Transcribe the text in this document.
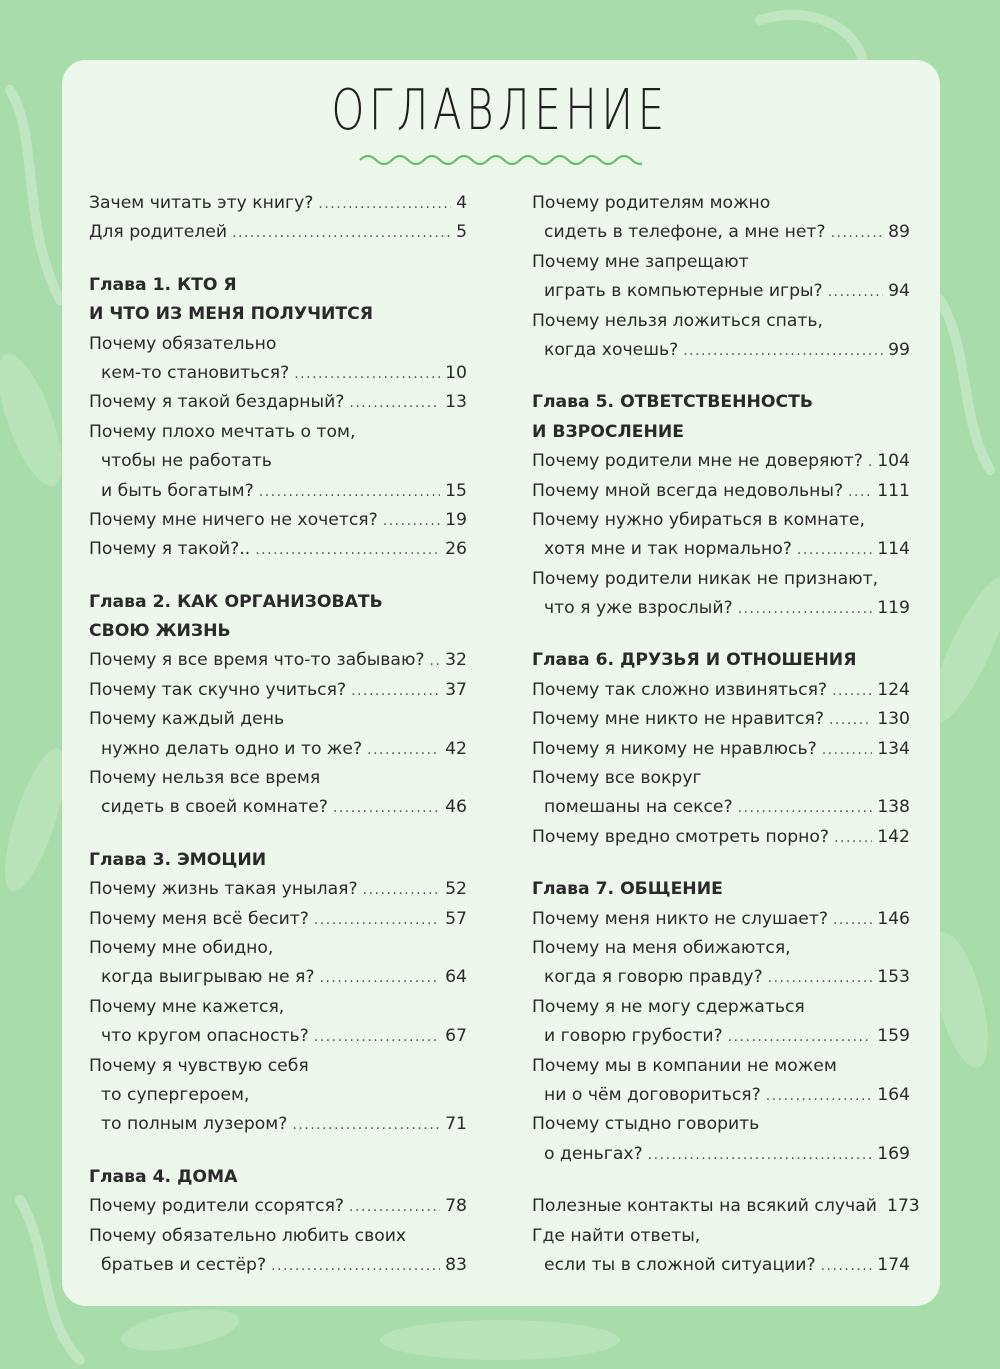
ОГЛАВЛЕНИЕ
Зачем читать эту книгу? .....	4
Для родителей .....	5
Глава 1. КТО Я
И ЧТО ИЗ МЕНЯ ПОЛУЧИТСЯ
Почему обязательно
кем-то становиться? .....	10
Почему я такой бездарный? .....	13
Почему плохо мечтать о том,
чтобы не работать
и быть богатым? .....	15
Почему мне ничего не хочется? .....	19
Почему я такой?.. .....	26
Глава 2. КАК ОРГАНИЗОВАТЬ
СВОЮ ЖИЗНЬ
Почему я все время что-то забываю? ..... 32
Почему так скучно учиться? .....	37
Почему каждый день
нужно делать одно и то же? .....	42
Почему нельзя все время
сидеть в своей комнате? .....	46
Глава 3. ЭМОЦИИ
Почему жизнь такая унылая? .....	52
Почему меня всё бесит? .....	57
Почему мне обидно,
когда выигрываю не я? .....	64
Почему мне кажется,
что кругом опасность? .....	67
Почему я чувствую себя
то супергероем,
то полным лузером? .....	71
Глава 4. ДОМА
Почему родители ссорятся? .....	78
Почему обязательно любить своих
братьев и сестёр? .....	83
Почему родителям можно
сидеть в телефоне, а мне нет? .....	89
Почему мне запрещают
играть в компьютерные игры? .....	94
Почему нельзя ложиться спать,
когда хочешь? .....	99
Глава 5. ОТВЕТСТВЕННОСТЬ
И ВЗРОСЛЕНИЕ
Почему родители мне не доверяют? ..... 104
Почему мной всегда недовольны? ..... 111
Почему нужно убираться в комнате,
хотя мне и так нормально? .....	114
Почему родители никак не признают,
что я уже взрослый? .....	119
Глава 6. ДРУЗЬЯ И ОТНОШЕНИЯ
Почему так сложно извиняться? .....	124
Почему мне никто не нравится? .....	130
Почему я никому не нравлюсь? .....	134
Почему все вокруг
помешаны на сексе? .....	138
Почему вредно смотреть порно? .....	142
Глава 7. ОБЩЕНИЕ
Почему меня никто не слушает? .....	146
Почему на меня обижаются,
когда я говорю правду? .....	153
Почему я не могу сдержаться
и говорю грубости? .....	159
Почему мы в компании не можем
ни о чём договориться? .....	164
Почему стыдно говорить
о деньгах? .....	169
Полезные контакты на всякий случай 173
Где найти ответы,
если ты в сложной ситуации? .....	174
